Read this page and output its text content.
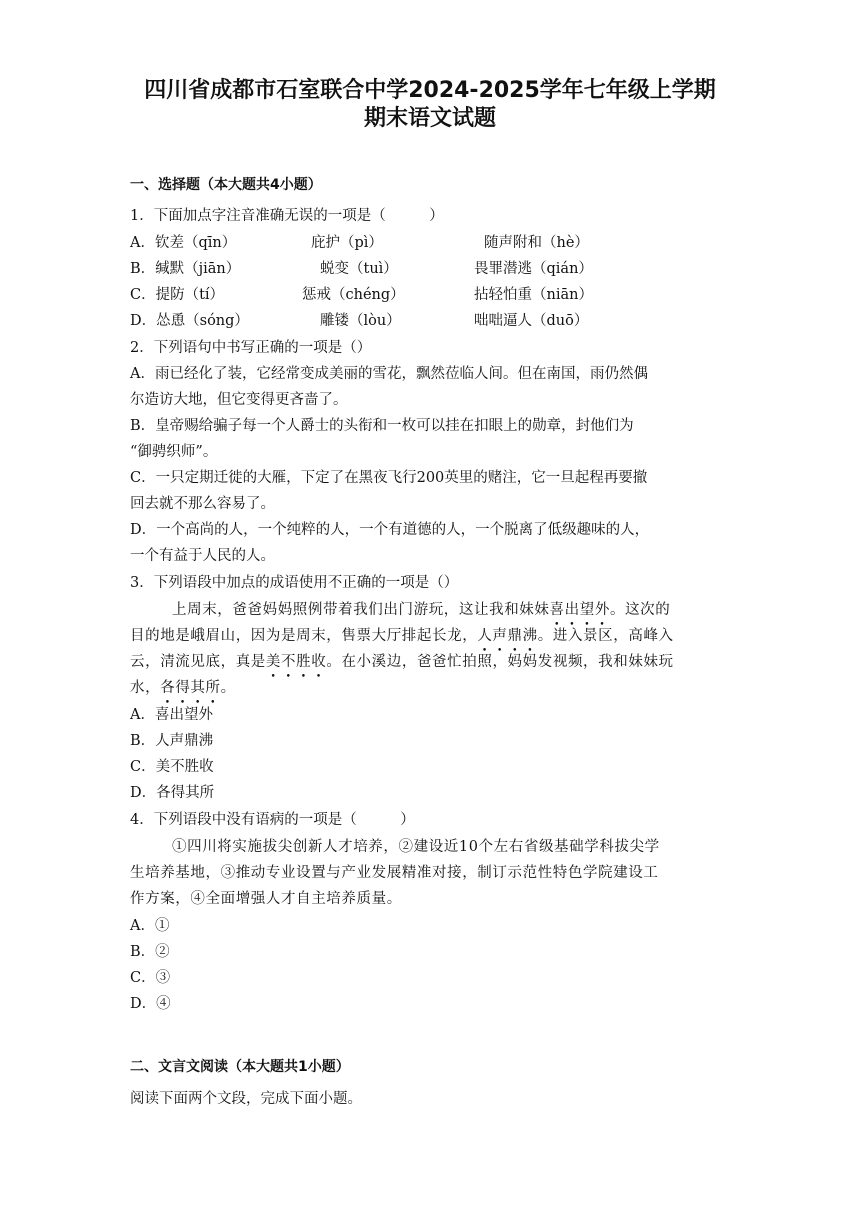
四川省成都市石室联合中学2024-2025学年七年级上学期
期末语文试题
一、选择题（本大题共4小题）
1．下面加点字注音准确无误的一项是（　　　）
A．钦差（qīn）	庇护（pì）	随声附和（hè）
B．缄默（jiān）	蜕变（tuì）	畏罪潜逃（qián）
C．提防（tí）	惩戒（chéng）	拈轻怕重（niān）
D．怂恿（sóng）	雕镂（lòu）	咄咄逼人（duō）
2．下列语句中书写正确的一项是（）
A．雨已经化了装，它经常变成美丽的雪花，飘然莅临人间。但在南国，雨仍然偶
尔造访大地，但它变得更吝啬了。
B．皇帝赐给骗子每一个人爵士的头衔和一枚可以挂在扣眼上的勋章，封他们为
“御骋织师”。
C．一只定期迁徙的大雁，下定了在黑夜飞行200英里的赌注，它一旦起程再要撤
回去就不那么容易了。
D．一个高尚的人，一个纯粹的人，一个有道德的人，一个脱离了低级趣味的人，
一个有益于人民的人。
3．下列语段中加点的成语使用不正确的一项是（）
上周末，爸爸妈妈照例带着我们出门游玩，这让我和妹妹喜出望外。这次的
目的地是峨眉山，因为是周末，售票大厅排起长龙，人声鼎沸。进入景区，高峰入
云，清流见底，真是美不胜收。在小溪边，爸爸忙拍照，妈妈发视频，我和妹妹玩
水，各得其所。
A．喜出望外
B．人声鼎沸
C．美不胜收
D．各得其所
4．下列语段中没有语病的一项是（　　　）
①四川将实施拔尖创新人才培养，②建设近10个左右省级基础学科拔尖学
生培养基地，③推动专业设置与产业发展精准对接，制订示范性特色学院建设工
作方案，④全面增强人才自主培养质量。
A．①
B．②
C．③
D．④
二、文言文阅读（本大题共1小题）
阅读下面两个文段，完成下面小题。
